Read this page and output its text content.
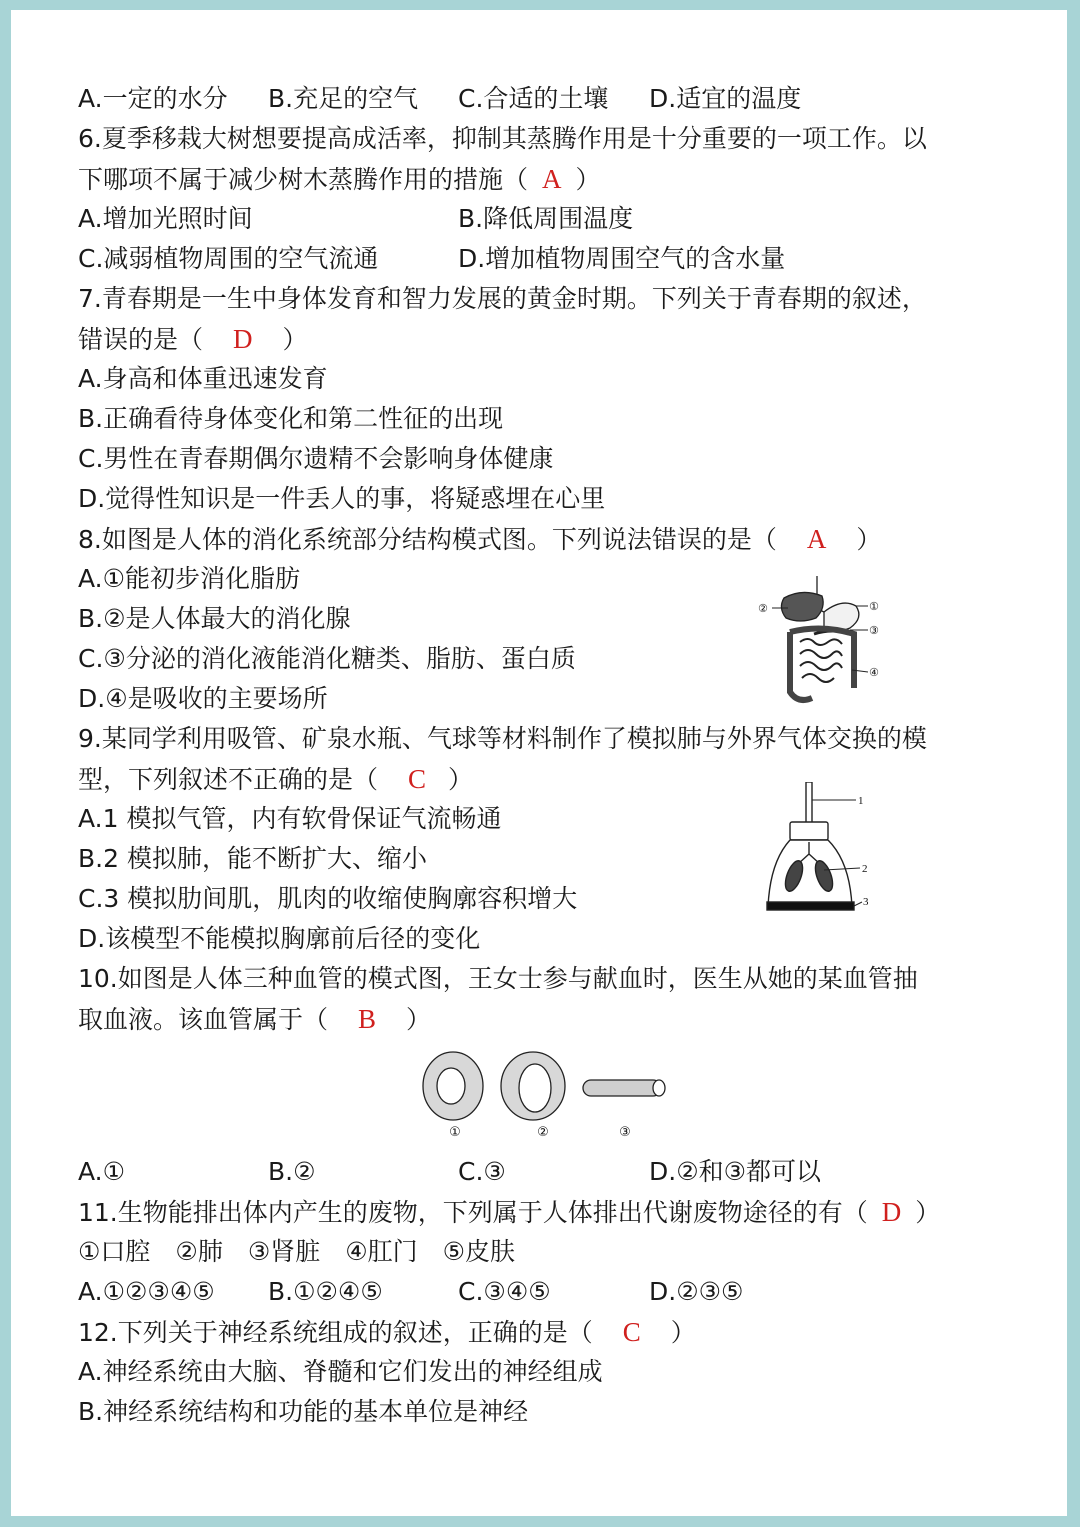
A.一定的水分 B.充足的空气 C.合适的土壤 D.适宜的温度
6.夏季移栽大树想要提高成活率，抑制其蒸腾作用是十分重要的一项工作。以
下哪项不属于减少树木蒸腾作用的措施（ A ）
A.增加光照时间	B.降低周围温度
C.减弱植物周围的空气流通	D.增加植物周围空气的含水量
7.青春期是一生中身体发育和智力发展的黄金时期。下列关于青春期的叙述，
错误的是（ D ）
A.身高和体重迅速发育
B.正确看待身体变化和第二性征的出现
C.男性在青春期偶尔遗精不会影响身体健康
D.觉得性知识是一件丢人的事，将疑惑埋在心里
8.如图是人体的消化系统部分结构模式图。下列说法错误的是（ A ）
A.①能初步消化脂肪
B.②是人体最大的消化腺
C.③分泌的消化液能消化糖类、脂肪、蛋白质
D.④是吸收的主要场所
9.某同学利用吸管、矿泉水瓶、气球等材料制作了模拟肺与外界气体交换的模
型，下列叙述不正确的是（ C ）
A.1 模拟气管，内有软骨保证气流畅通
B.2 模拟肺，能不断扩大、缩小
C.3 模拟肋间肌，肌肉的收缩使胸廓容积增大
D.该模型不能模拟胸廓前后径的变化
10.如图是人体三种血管的模式图，王女士参与献血时，医生从她的某血管抽
取血液。该血管属于（ B ）
A.①	B.②	C.③	D.②和③都可以
11.生物能排出体内产生的废物，下列属于人体排出代谢废物途径的有（ D ）
①口腔　②肺　③肾脏　④肛门　⑤皮肤
A.①②③④⑤ B.①②④⑤	C.③④⑤	D.②③⑤
12.下列关于神经系统组成的叙述，正确的是（ C ）
A.神经系统由大脑、脊髓和它们发出的神经组成
B.神经系统结构和功能的基本单位是神经
②	①
③
④
1
2
3
①	②	③
